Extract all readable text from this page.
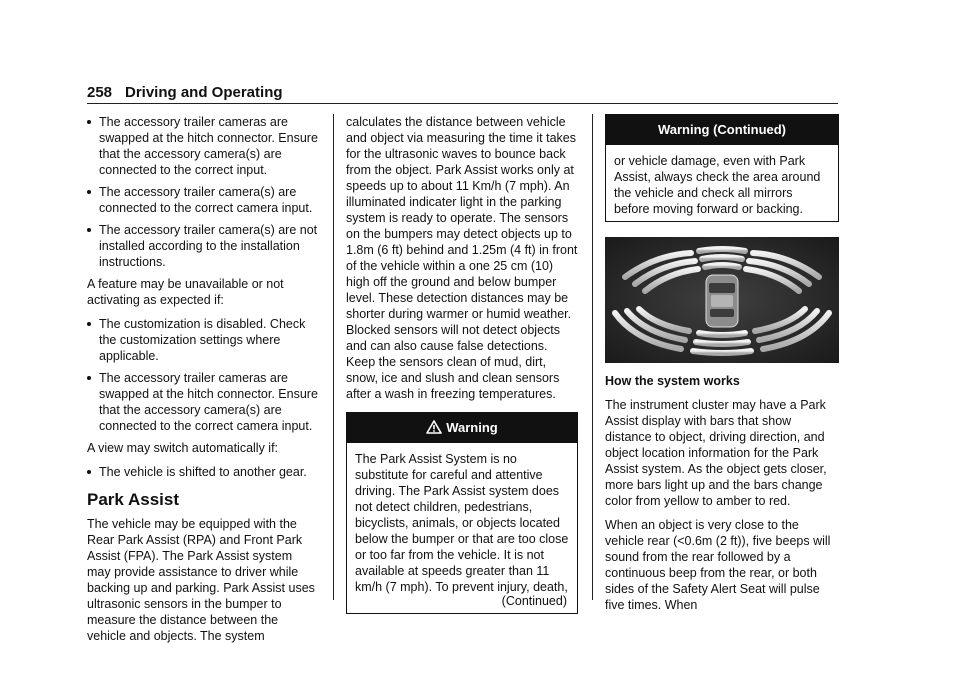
258 Driving and Operating
The accessory trailer cameras are swapped at the hitch connector. Ensure that the accessory camera(s) are connected to the correct input.
The accessory trailer camera(s) are connected to the correct camera input.
The accessory trailer camera(s) are not installed according to the installation instructions.

A feature may be unavailable or not activating as expected if:

The customization is disabled. Check the customization settings where applicable.
The accessory trailer cameras are swapped at the hitch connector. Ensure that the accessory camera(s) are connected to the correct camera input.

A view may switch automatically if:

The vehicle is shifted to another gear.
Park Assist

The vehicle may be equipped with the Rear Park Assist (RPA) and Front Park Assist (FPA). The Park Assist system may provide assistance to driver while backing up and parking. Park Assist uses ultrasonic sensors in the bumper to measure the distance between the vehicle and objects. The system

calculates the distance between vehicle and object via measuring the time it takes for the ultrasonic waves to bounce back from the object. Park Assist works only at speeds up to about 11 Km/h (7 mph). An illuminated indicater light in the parking system is ready to operate. The sensors on the bumpers may detect objects up to 1.8m (6 ft) behind and 1.25m (4 ft) in front of the vehicle within a one 25 cm (10) high off the ground and below bumper level. These detection distances may be shorter during warmer or humid weather. Blocked sensors will not detect objects and can also cause false detections. Keep the sensors clean of mud, dirt, snow, ice and slush and clean sensors after a wash in freezing temperatures.

Warning

The Park Assist System is no substitute for careful and attentive driving. The Park Assist system does not detect children, pedestrians, bicyclists, animals, or objects located below the bumper or that are too close or too far from the vehicle. It is not available at speeds greater than 11 km/h (7 mph). To prevent injury, death,

(Continued)
Warning (Continued)

or vehicle damage, even with Park Assist, always check the area around the vehicle and check all mirrors before moving forward or backing.

How the system works

The instrument cluster may have a Park Assist display with bars that show distance to object, driving direction, and object location information for the Park Assist system. As the object gets closer, more bars light up and the bars change color from yellow to amber to red.

When an object is very close to the vehicle rear (<0.6m (2 ft)), five beeps will sound from the rear followed by a continuous beep from the rear, or both sides of the Safety Alert Seat will pulse five times. When
